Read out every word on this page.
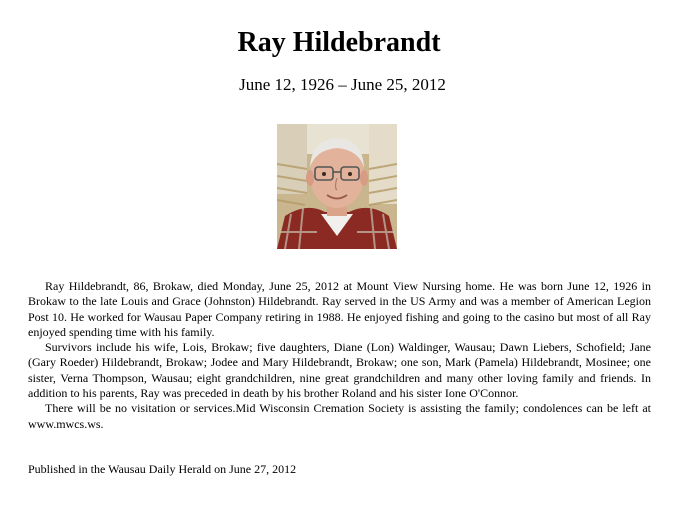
Ray Hildebrandt
June 12, 1926 – June 25, 2012

Ray Hildebrandt, 86, Brokaw, died Monday, June 25, 2012 at Mount View Nursing home. He was born June 12, 1926 in Brokaw to the late Louis and Grace (Johnston) Hildebrandt. Ray served in the US Army and was a member of American Legion Post 10. He worked for Wausau Paper Company retiring in 1988. He enjoyed fishing and going to the casino but most of all Ray enjoyed spending time with his family.

Survivors include his wife, Lois, Brokaw; five daughters, Diane (Lon) Waldinger, Wausau; Dawn Liebers, Schofield; Jane (Gary Roeder) Hildebrandt, Brokaw; Jodee and Mary Hildebrandt, Brokaw; one son, Mark (Pamela) Hildebrandt, Mosinee; one sister, Verna Thompson, Wausau; eight grandchildren, nine great grandchildren and many other loving family and friends. In addition to his parents, Ray was preceded in death by his brother Roland and his sister Ione O'Connor.

There will be no visitation or services.Mid Wisconsin Cremation Society is assisting the family; condolences can be left at www.mwcs.ws.

Published in the Wausau Daily Herald on June 27, 2012
